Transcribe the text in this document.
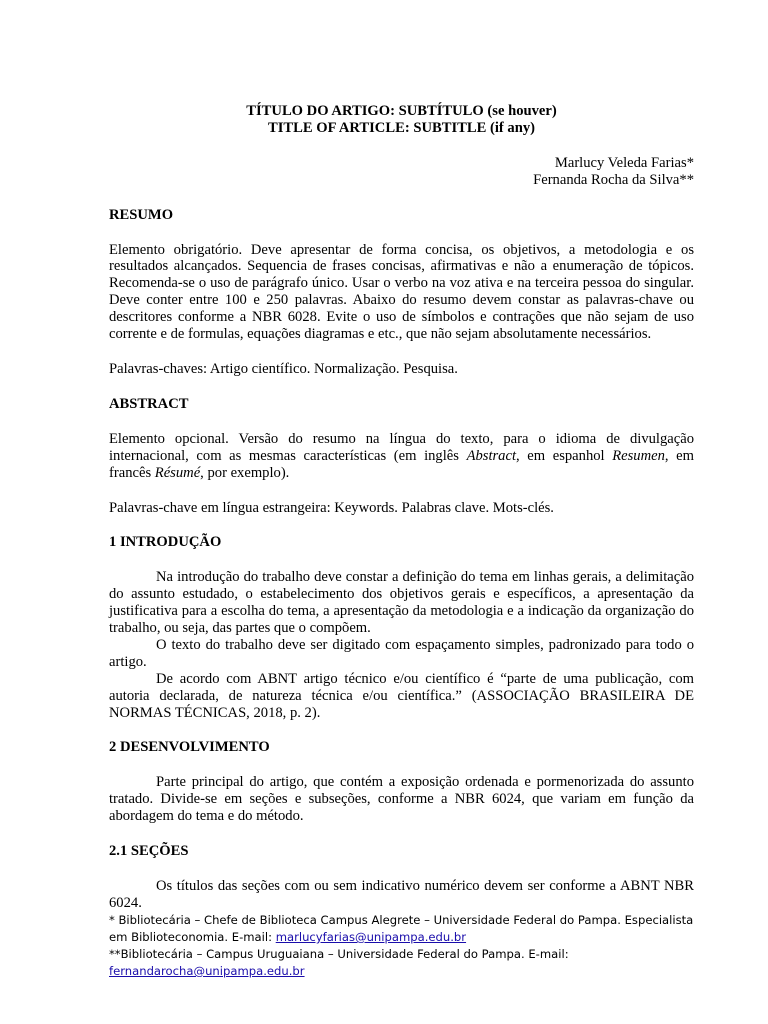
TÍTULO DO ARTIGO: SUBTÍTULO (se houver)
TITLE OF ARTICLE: SUBTITLE (if any)
Marlucy Veleda Farias*
Fernanda Rocha da Silva**
RESUMO

Elemento obrigatório. Deve apresentar de forma concisa, os objetivos, a metodologia e os resultados alcançados. Sequencia de frases concisas, afirmativas e não a enumeração de tópicos. Recomenda-se o uso de parágrafo único. Usar o verbo na voz ativa e na terceira pessoa do singular. Deve conter entre 100 e 250 palavras. Abaixo do resumo devem constar as palavras-chave ou descritores conforme a NBR 6028. Evite o uso de símbolos e contrações que não sejam de uso corrente e de formulas, equações diagramas e etc., que não sejam absolutamente necessários.

Palavras-chaves: Artigo científico. Normalização. Pesquisa.

ABSTRACT

Elemento opcional. Versão do resumo na língua do texto, para o idioma de divulgação internacional, com as mesmas características (em inglês Abstract, em espanhol Resumen, em francês Résumé, por exemplo).

Palavras-chave em língua estrangeira: Keywords. Palabras clave. Mots-clés.

1 INTRODUÇÃO

Na introdução do trabalho deve constar a definição do tema em linhas gerais, a delimitação do assunto estudado, o estabelecimento dos objetivos gerais e específicos, a apresentação da justificativa para a escolha do tema, a apresentação da metodologia e a indicação da organização do trabalho, ou seja, das partes que o compõem.

O texto do trabalho deve ser digitado com espaçamento simples, padronizado para todo o artigo.

De acordo com ABNT artigo técnico e/ou científico é “parte de uma publicação, com autoria declarada, de natureza técnica e/ou científica.” (ASSOCIAÇÃO BRASILEIRA DE NORMAS TÉCNICAS, 2018, p. 2).

2 DESENVOLVIMENTO

Parte principal do artigo, que contém a exposição ordenada e pormenorizada do assunto tratado. Divide-se em seções e subseções, conforme a NBR 6024, que variam em função da abordagem do tema e do método.

2.1 SEÇÕES

Os títulos das seções com ou sem indicativo numérico devem ser conforme a ABNT NBR 6024.

* Bibliotecária – Chefe de Biblioteca Campus Alegrete – Universidade Federal do Pampa. Especialista em Biblioteconomia. E-mail: marlucyfarias@unipampa.edu.br
**Bibliotecária – Campus Uruguaiana – Universidade Federal do Pampa. E-mail: fernandarocha@unipampa.edu.br
